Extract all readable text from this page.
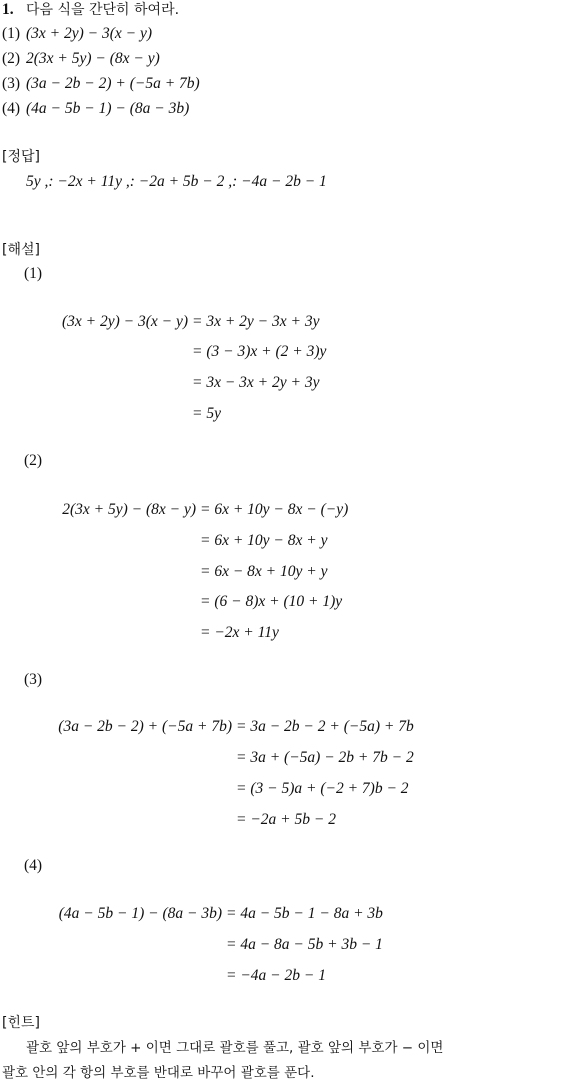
1. 다음 식을 간단히 하여라.
(1) (3x + 2y) − 3(x − y)
(2) 2(3x + 5y) − (8x − y)
(3) (3a − 2b − 2) + (−5a + 7b)
(4) (4a − 5b − 1) − (8a − 3b)
[정답]
5y ,: −2x + 11y ,: −2a + 5b − 2 ,: −4a − 2b − 1
[해설]
(1)
(3x + 2y) − 3(x − y) = 3x + 2y − 3x + 3y
= (3 − 3)x + (2 + 3)y
= 3x − 3x + 2y + 3y
= 5y
(2)
2(3x + 5y) − (8x − y) = 6x + 10y − 8x − (−y)
= 6x + 10y − 8x + y
= 6x − 8x + 10y + y
= (6 − 8)x + (10 + 1)y
= −2x + 11y
(3)
(3a − 2b − 2) + (−5a + 7b) = 3a − 2b − 2 + (−5a) + 7b
= 3a + (−5a) − 2b + 7b − 2
= (3 − 5)a + (−2 + 7)b − 2
= −2a + 5b − 2
(4)
(4a − 5b − 1) − (8a − 3b) = 4a − 5b − 1 − 8a + 3b
= 4a − 8a − 5b + 3b − 1
= −4a − 2b − 1
[힌트]
괄호 앞의 부호가 + 이면 그대로 괄호를 풀고, 괄호 앞의 부호가 − 이면
괄호 안의 각 항의 부호를 반대로 바꾸어 괄호를 푼다.
